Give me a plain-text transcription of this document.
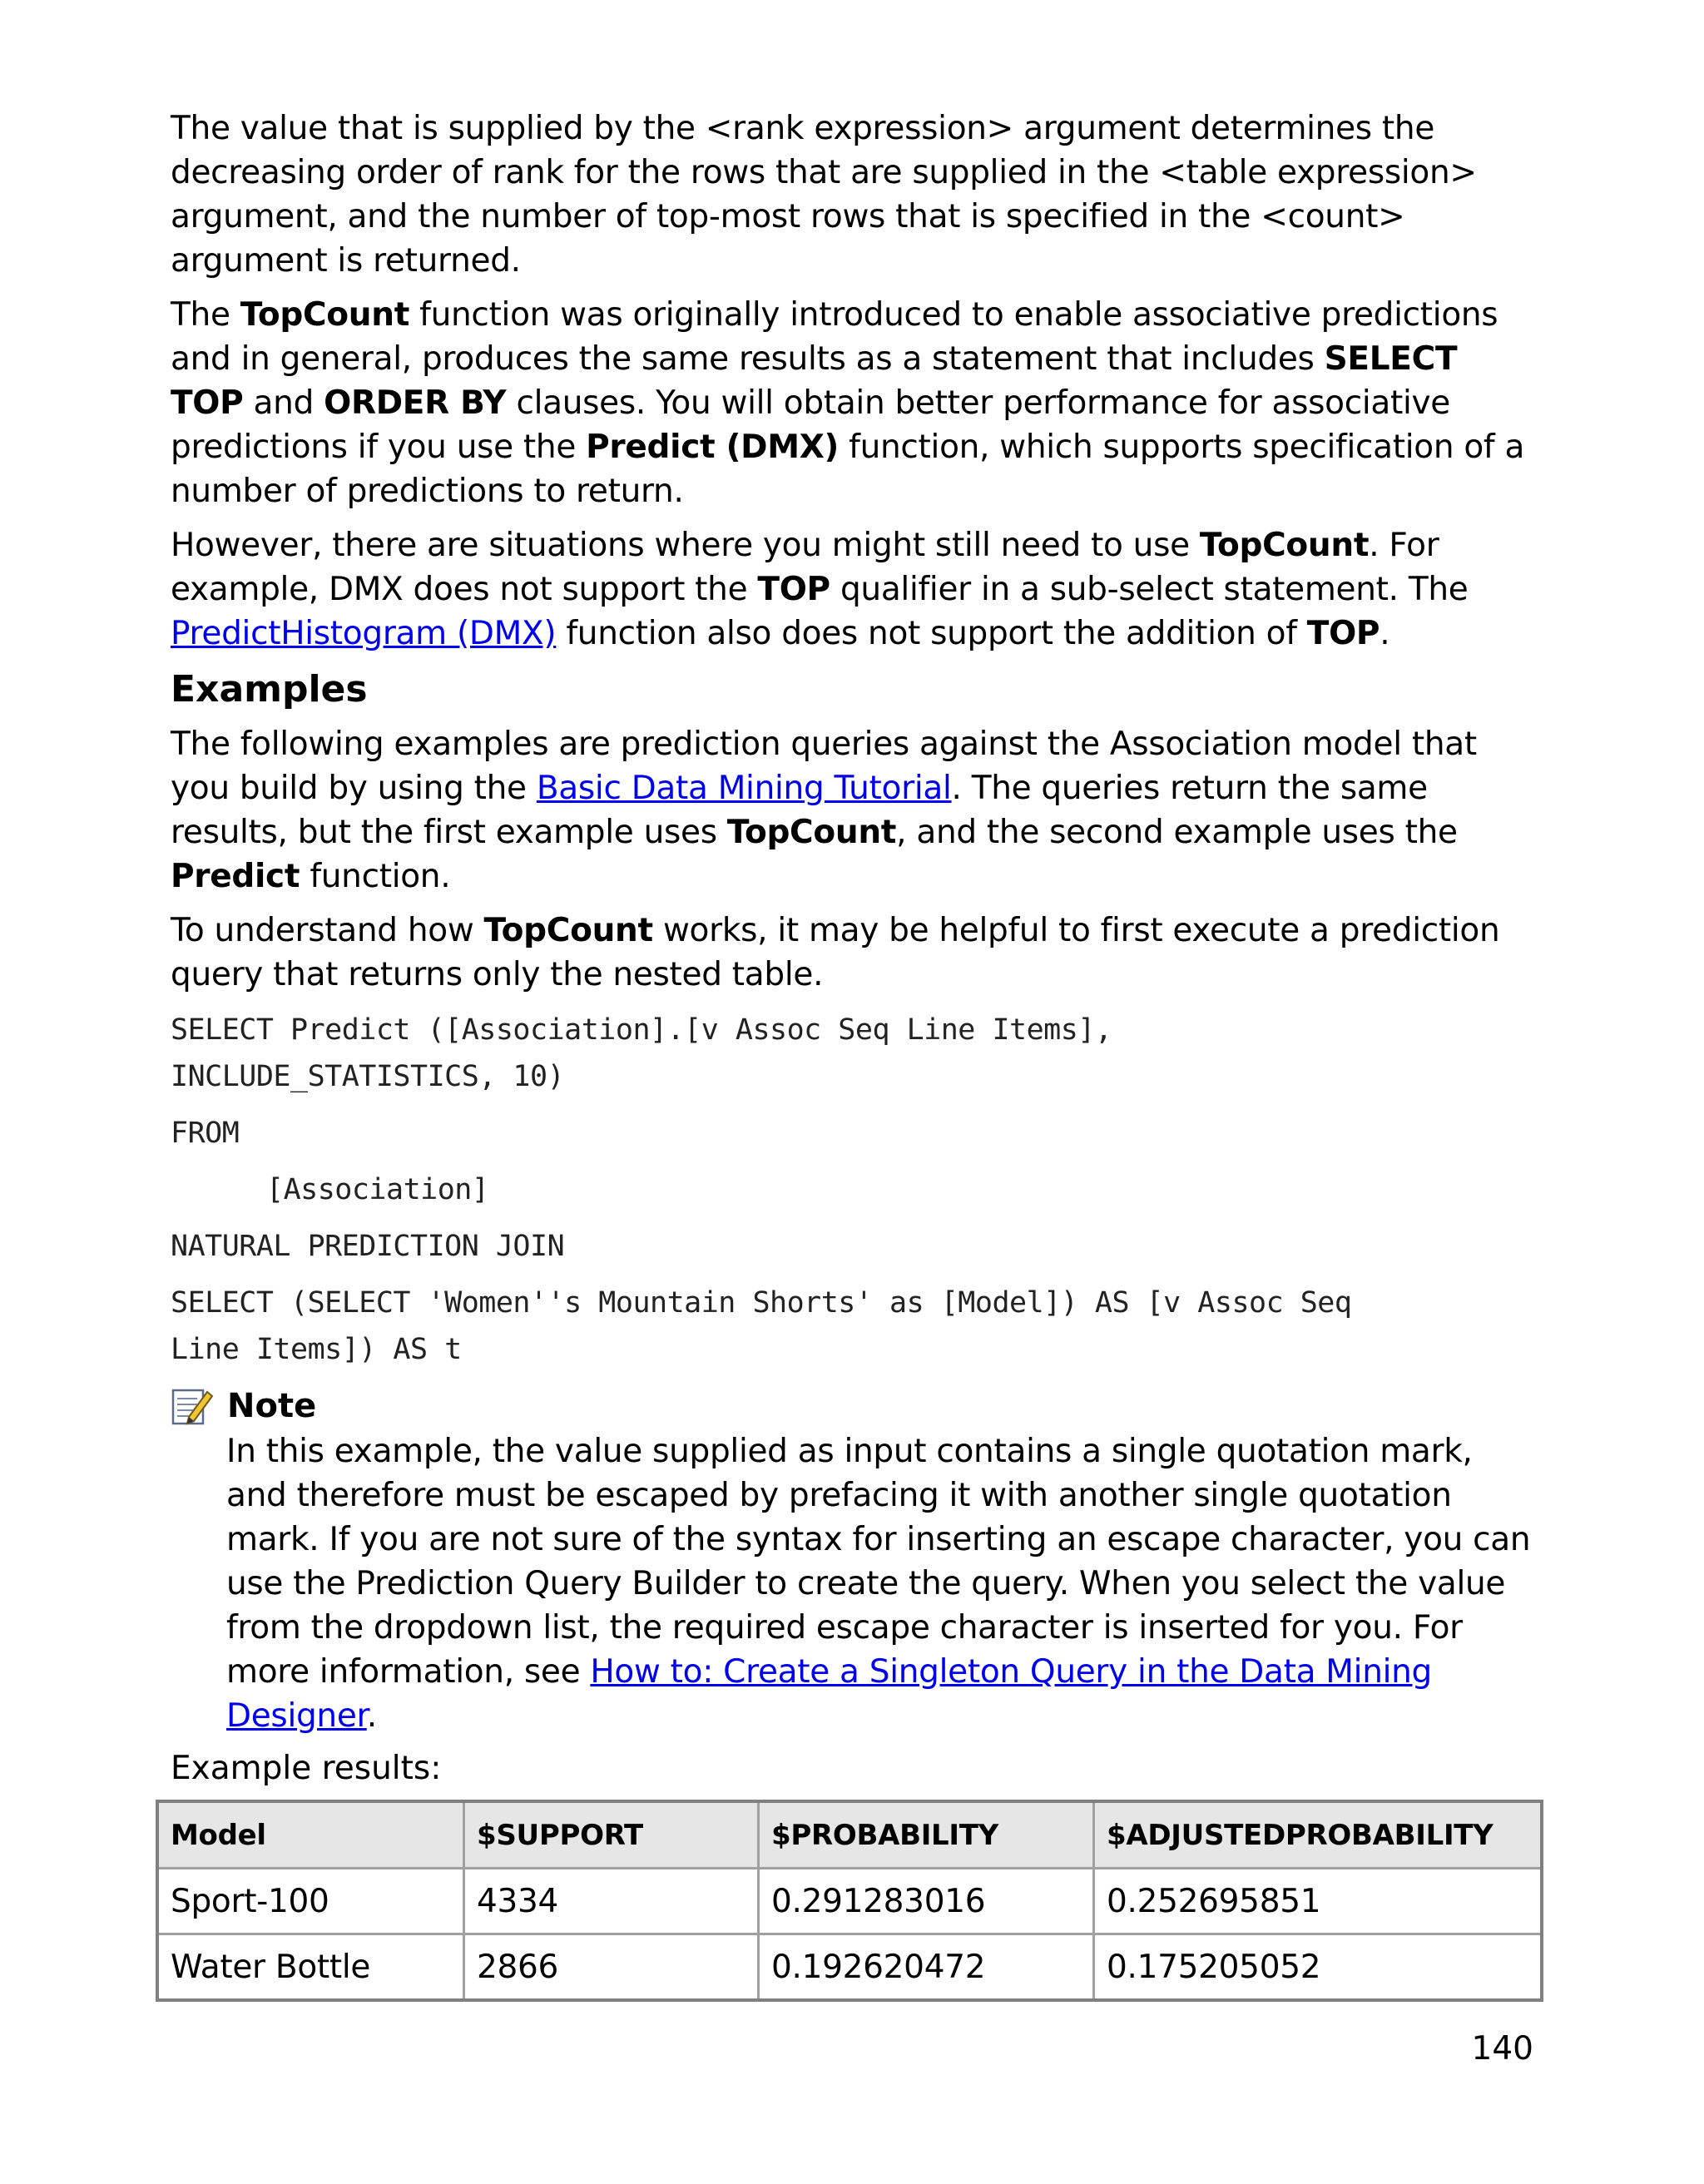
The value that is supplied by the <rank expression> argument determines the decreasing order of rank for the rows that are supplied in the <table expression> argument, and the number of top-most rows that is specified in the <count> argument is returned.

The TopCount function was originally introduced to enable associative predictions and in general, produces the same results as a statement that includes SELECT TOP and ORDER BY clauses. You will obtain better performance for associative predictions if you use the Predict (DMX) function, which supports specification of a number of predictions to return.

However, there are situations where you might still need to use TopCount. For example, DMX does not support the TOP qualifier in a sub-select statement. The PredictHistogram (DMX) function also does not support the addition of TOP.

Examples

The following examples are prediction queries against the Association model that you build by using the Basic Data Mining Tutorial. The queries return the same results, but the first example uses TopCount, and the second example uses the Predict function.

To understand how TopCount works, it may be helpful to first execute a prediction query that returns only the nested table.

SELECT Predict ([Association].[v Assoc Seq Line Items],
INCLUDE_STATISTICS, 10)
FROM
[Association]
NATURAL PREDICTION JOIN
SELECT (SELECT 'Women''s Mountain Shorts' as [Model]) AS [v Assoc Seq
Line Items]) AS t
Note

In this example, the value supplied as input contains a single quotation mark, and therefore must be escaped by prefacing it with another single quotation mark. If you are not sure of the syntax for inserting an escape character, you can use the Prediction Query Builder to create the query. When you select the value from the dropdown list, the required escape character is inserted for you. For more information, see How to: Create a Singleton Query in the Data Mining Designer.

Example results:

Model	$SUPPORT	$PROBABILITY	$ADJUSTEDPROBABILITY
Sport-100	4334	0.291283016	0.252695851
Water Bottle	2866	0.192620472	0.175205052
140
